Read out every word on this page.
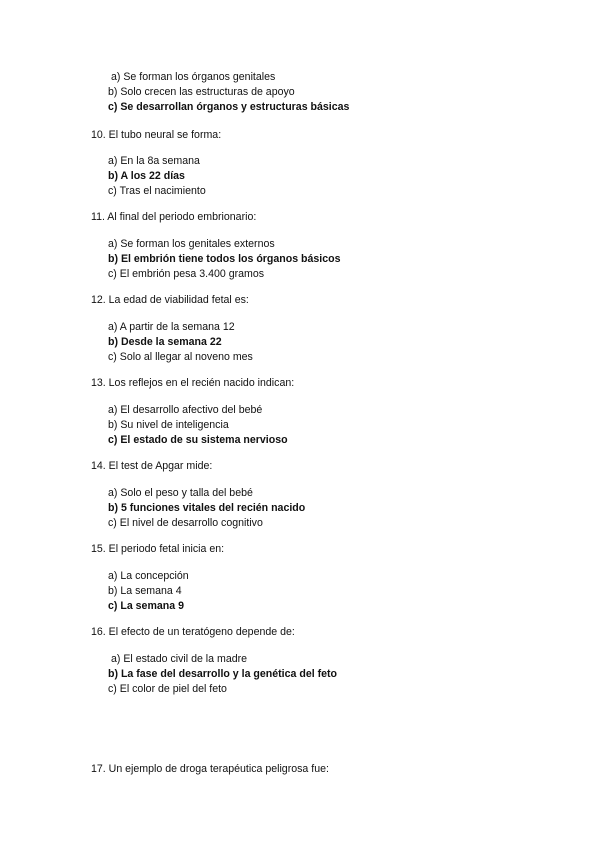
a) Se forman los órganos genitales
b) Solo crecen las estructuras de apoyo
c) Se desarrollan órganos y estructuras básicas
10. El tubo neural se forma:
a) En la 8a semana
b) A los 22 días
c) Tras el nacimiento
11. Al final del periodo embrionario:
a) Se forman los genitales externos
b) El embrión tiene todos los órganos básicos
c) El embrión pesa 3.400 gramos
12. La edad de viabilidad fetal es:
a) A partir de la semana 12
b) Desde la semana 22
c) Solo al llegar al noveno mes
13. Los reflejos en el recién nacido indican:
a) El desarrollo afectivo del bebé
b) Su nivel de inteligencia
c) El estado de su sistema nervioso
14. El test de Apgar mide:
a) Solo el peso y talla del bebé
b) 5 funciones vitales del recién nacido
c) El nivel de desarrollo cognitivo
15. El periodo fetal inicia en:
a) La concepción
b) La semana 4
c) La semana 9
16. El efecto de un teratógeno depende de:
a) El estado civil de la madre
b) La fase del desarrollo y la genética del feto
c) El color de piel del feto
17. Un ejemplo de droga terapéutica peligrosa fue:
